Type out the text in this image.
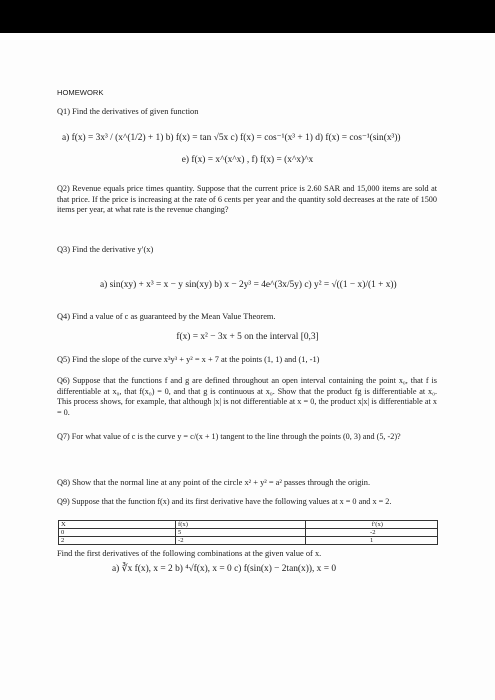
HOMEWORK
Q1) Find the derivatives of given function
a) f(x) = 3x³ / (x^(1/2) + 1) b) f(x) = tan √5x c) f(x) = cos⁻¹(x³ + 1) d) f(x) = cos⁻¹(sin(x³))
e) f(x) = x^(x^x) , f) f(x) = (x^x)^x
Q2) Revenue equals price times quantity. Suppose that the current price is 2.60 SAR and 15,000 items are sold at that price. If the price is increasing at the rate of 6 cents per year and the quantity sold decreases at the rate of 1500 items per year, at what rate is the revenue changing?
Q3) Find the derivative y′(x)
a) sin(xy) + x³ = x − y sin(xy) b) x − 2y³ = 4e^(3x/5y) c) y² = √((1 − x)/(1 + x))
Q4) Find a value of c as guaranteed by the Mean Value Theorem.
f(x) = x² − 3x + 5 on the interval [0,3]
Q5) Find the slope of the curve x³y³ + y² = x + 7 at the points (1, 1) and (1, -1)
Q6) Suppose that the functions f and g are defined throughout an open interval containing the point x₀, that f is differentiable at x₀, that f(x₀) = 0, and that g is continuous at x₀. Show that the product fg is differentiable at x₀. This process shows, for example, that although |x| is not differentiable at x = 0, the product x|x| is differentiable at x = 0.
Q7) For what value of c is the curve y = c/(x + 1) tangent to the line through the points (0, 3) and (5, -2)?
Q8) Show that the normal line at any point of the circle x² + y² = a² passes through the origin.
Q9) Suppose that the function f(x) and its first derivative have the following values at x = 0 and x = 2.
X	f(x)	f′(x)
0	5	-2
2	-2	1
Find the first derivatives of the following combinations at the given value of x.
a) ∛x f(x), x = 2 b) ⁴√f(x), x = 0 c) f(sin(x) − 2tan(x)), x = 0
